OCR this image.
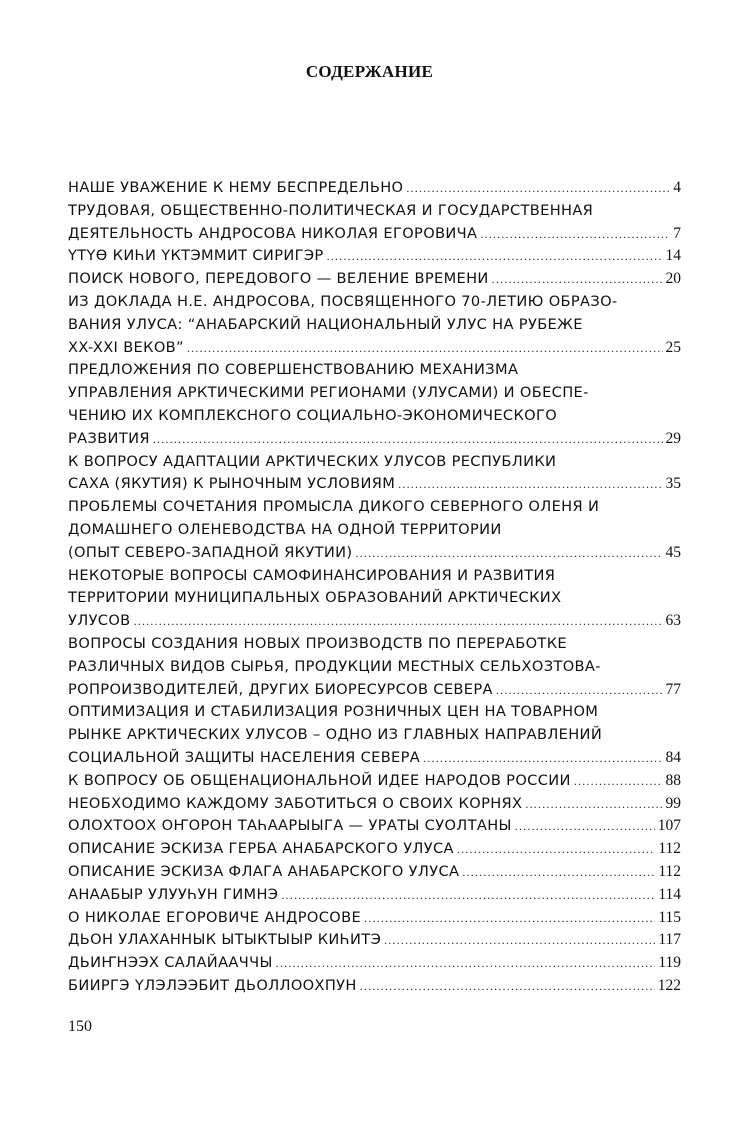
СОДЕРЖАНИЕ
НАШЕ УВАЖЕНИЕ К НЕМУ БЕСПРЕДЕЛЬНО .....	4
ТРУДОВАЯ, ОБЩЕСТВЕННО-ПОЛИТИЧЕСКАЯ И ГОСУДАРСТВЕННАЯ
ДЕЯТЕЛЬНОСТЬ АНДРОСОВА НИКОЛАЯ ЕГОРОВИЧА .....	7
ҮТҮӨ КИҺИ ҮКТЭММИТ СИРИГЭР .....	14
ПОИСК НОВОГО, ПЕРЕДОВОГО — ВЕЛЕНИЕ ВРЕМЕНИ .....	20
ИЗ ДОКЛАДА Н.Е. АНДРОСОВА, ПОСВЯЩЕННОГО 70-ЛЕТИЮ ОБРАЗО-
ВАНИЯ УЛУСА: “АНАБАРСКИЙ НАЦИОНАЛЬНЫЙ УЛУС НА РУБЕЖЕ
XX-XXI ВЕКОВ” .....	25
ПРЕДЛОЖЕНИЯ ПО СОВЕРШЕНСТВОВАНИЮ МЕХАНИЗМА
УПРАВЛЕНИЯ АРКТИЧЕСКИМИ РЕГИОНАМИ (УЛУСАМИ) И ОБЕСПЕ-
ЧЕНИЮ ИХ КОМПЛЕКСНОГО СОЦИАЛЬНО-ЭКОНОМИЧЕСКОГО
РАЗВИТИЯ .....	29
К ВОПРОСУ АДАПТАЦИИ АРКТИЧЕСКИХ УЛУСОВ РЕСПУБЛИКИ
САХА (ЯКУТИЯ) К РЫНОЧНЫМ УСЛОВИЯМ .....	35
ПРОБЛЕМЫ СОЧЕТАНИЯ ПРОМЫСЛА ДИКОГО СЕВЕРНОГО ОЛЕНЯ И
ДОМАШНЕГО ОЛЕНЕВОДСТВА НА ОДНОЙ ТЕРРИТОРИИ
(ОПЫТ СЕВЕРО-ЗАПАДНОЙ ЯКУТИИ) .....	45
НЕКОТОРЫЕ ВОПРОСЫ САМОФИНАНСИРОВАНИЯ И РАЗВИТИЯ
ТЕРРИТОРИИ МУНИЦИПАЛЬНЫХ ОБРАЗОВАНИЙ АРКТИЧЕСКИХ
УЛУСОВ .....	63
ВОПРОСЫ СОЗДАНИЯ НОВЫХ ПРОИЗВОДСТВ ПО ПЕРЕРАБОТКЕ
РАЗЛИЧНЫХ ВИДОВ СЫРЬЯ, ПРОДУКЦИИ МЕСТНЫХ СЕЛЬХОЗТОВА-
РОПРОИЗВОДИТЕЛЕЙ, ДРУГИХ БИОРЕСУРСОВ СЕВЕРА .....	77
ОПТИМИЗАЦИЯ И СТАБИЛИЗАЦИЯ РОЗНИЧНЫХ ЦЕН НА ТОВАРНОМ
РЫНКЕ АРКТИЧЕСКИХ УЛУСОВ – ОДНО ИЗ ГЛАВНЫХ НАПРАВЛЕНИЙ
СОЦИАЛЬНОЙ ЗАЩИТЫ НАСЕЛЕНИЯ СЕВЕРА .....	84
К ВОПРОСУ ОБ ОБЩЕНАЦИОНАЛЬНОЙ ИДЕЕ НАРОДОВ РОССИИ .....	88
НЕОБХОДИМО КАЖДОМУ ЗАБОТИТЬСЯ О СВОИХ КОРНЯХ .....	99
ОЛОХТООХ ОҤОРОН ТАҺААРЫЫГА — УРАТЫ СУОЛТАНЫ .....	107
ОПИСАНИЕ ЭСКИЗА ГЕРБА АНАБАРСКОГО УЛУСА .....	112
ОПИСАНИЕ ЭСКИЗА ФЛАГА АНАБАРСКОГО УЛУСА .....	112
АНААБЫР УЛУУҺУН ГИМНЭ .....	114
О НИКОЛАЕ ЕГОРОВИЧЕ АНДРОСОВЕ .....	115
ДЬОН УЛАХАННЫК ЫТЫКТЫЫР КИҺИТЭ .....	117
ДЬИҤНЭЭХ САЛАЙААЧЧЫ .....	119
БИИРГЭ ҮЛЭЛЭЭБИТ ДЬОЛЛООХПУН .....	122
150
